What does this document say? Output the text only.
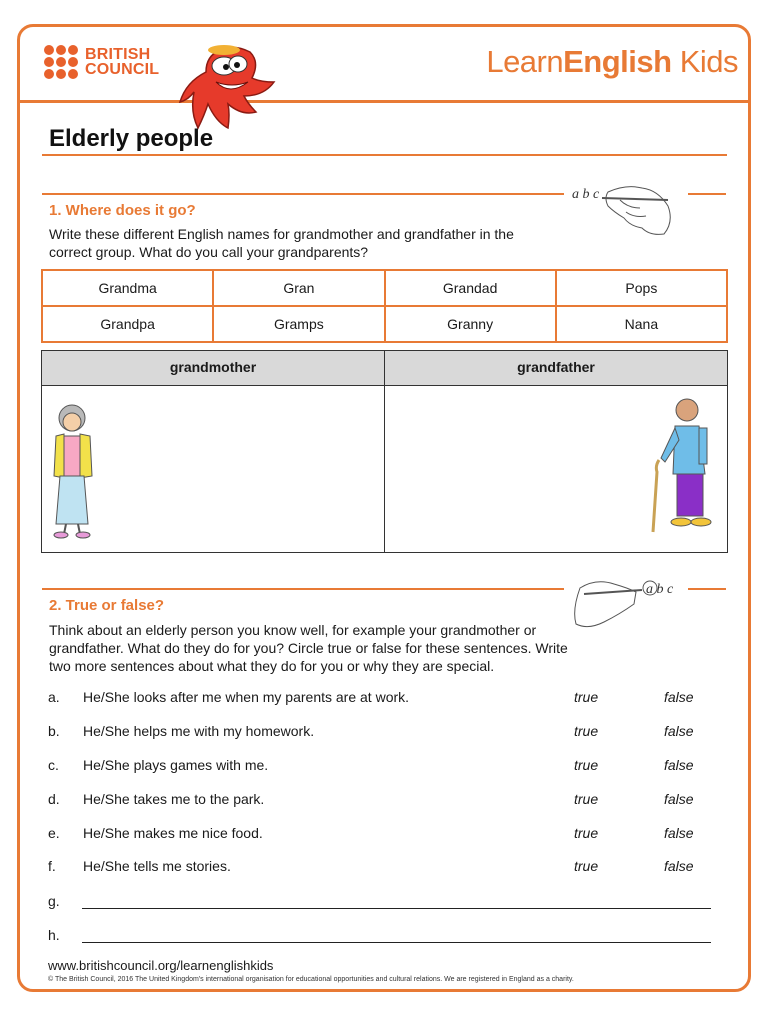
BRITISH
COUNCIL	LearnEnglish Kids
Elderly people
a b c
1. Where does it go?
Write these different English names for grandmother and grandfather in the correct group. What do you call your grandparents?
Grandma	Gran	Grandad	Pops
Grandpa	Gramps	Granny	Nana
grandmother	grandfather
a b c
2. True or false?
Think about an elderly person you know well, for example your grandmother or grandfather. What do they do for you? Circle true or false for these sentences. Write two more sentences about what they do for you or why they are special.
a. He/She looks after me when my parents are at work.	true	false
b. He/She helps me with my homework.	true	false
c. He/She plays games with me.	true	false
d. He/She takes me to the park.	true	false
e. He/She makes me nice food.	true	false
f. He/She tells me stories.	true	false
g.
h.
www.britishcouncil.org/learnenglishkids
© The British Council, 2016 The United Kingdom's international organisation for educational opportunities and cultural relations. We are registered in England as a charity.
